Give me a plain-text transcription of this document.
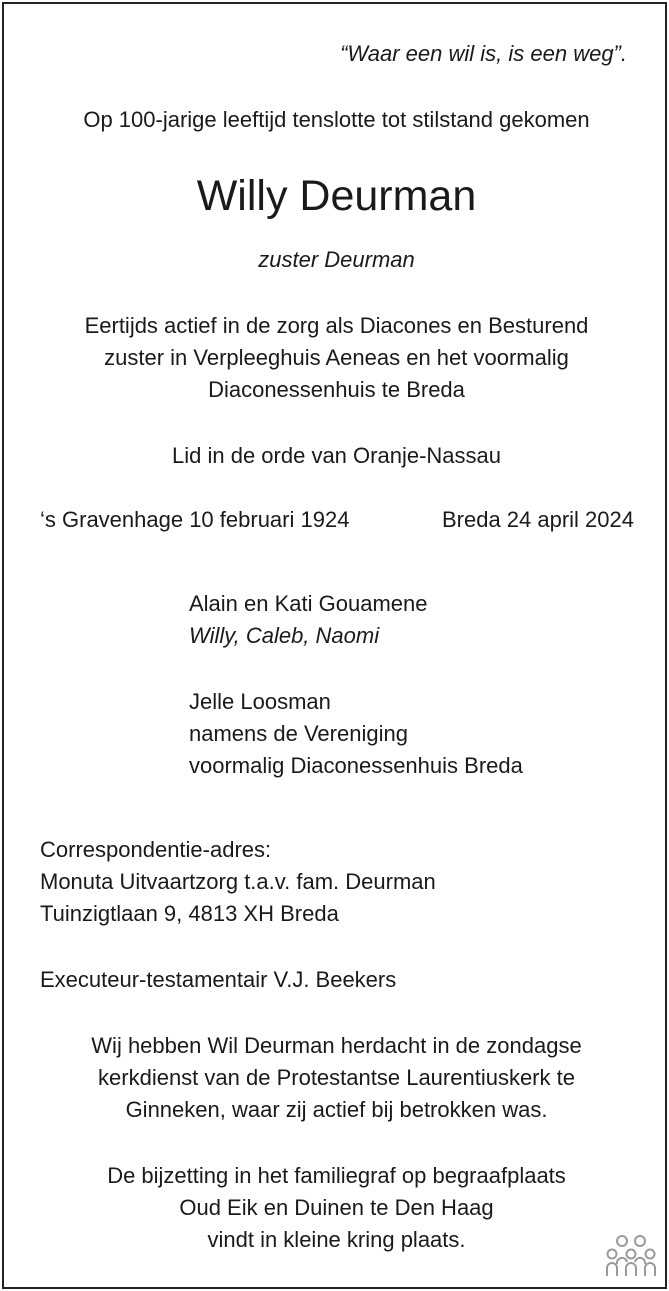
“Waar een wil is, is een weg”.
Op 100-jarige leeftijd tenslotte tot stilstand gekomen
Willy Deurman
zuster Deurman
Eertijds actief in de zorg als Diacones en Besturend
zuster in Verpleeghuis Aeneas en het voormalig
Diaconessenhuis te Breda
Lid in de orde van Oranje-Nassau
‘s Gravenhage 10 februari 1924	Breda 24 april 2024
Alain en Kati Gouamene
Willy, Caleb, Naomi
Jelle Loosman
namens de Vereniging
voormalig Diaconessenhuis Breda
Correspondentie-adres:
Monuta Uitvaartzorg t.a.v. fam. Deurman
Tuinzigtlaan 9, 4813 XH Breda
Executeur-testamentair V.J. Beekers
Wij hebben Wil Deurman herdacht in de zondagse
kerkdienst van de Protestantse Laurentiuskerk te
Ginneken, waar zij actief bij betrokken was.
De bijzetting in het familiegraf op begraafplaats
Oud Eik en Duinen te Den Haag
vindt in kleine kring plaats.
